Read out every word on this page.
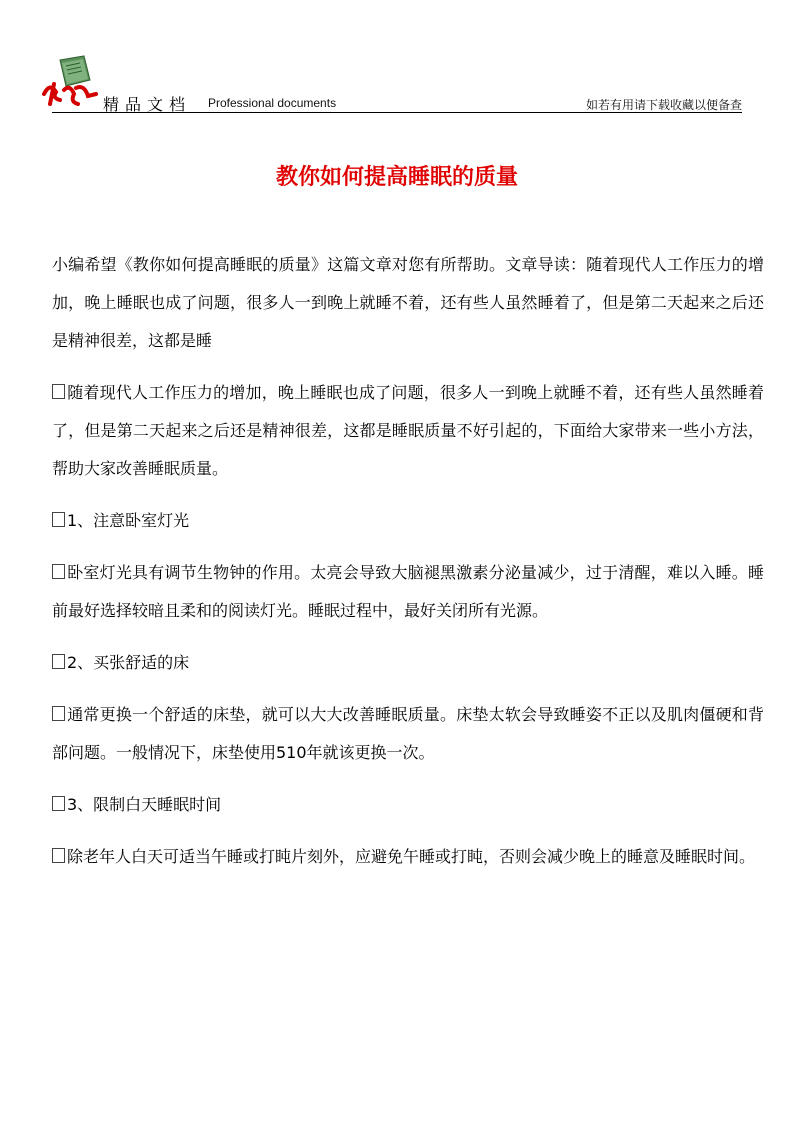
精品文档 Professional documents	如若有用请下载收藏以便备查
教你如何提高睡眠的质量

小编希望《教你如何提高睡眠的质量》这篇文章对您有所帮助。文章导读：随着现代人工作压力的增加，晚上睡眠也成了问题，很多人一到晚上就睡不着，还有些人虽然睡着了，但是第二天起来之后还是精神很差，这都是睡

随着现代人工作压力的增加，晚上睡眠也成了问题，很多人一到晚上就睡不着，还有些人虽然睡着了，但是第二天起来之后还是精神很差，这都是睡眠质量不好引起的，下面给大家带来一些小方法，帮助大家改善睡眠质量。

1、注意卧室灯光

卧室灯光具有调节生物钟的作用。太亮会导致大脑褪黑激素分泌量减少，过于清醒，难以入睡。睡前最好选择较暗且柔和的阅读灯光。睡眠过程中，最好关闭所有光源。

2、买张舒适的床

通常更换一个舒适的床垫，就可以大大改善睡眠质量。床垫太软会导致睡姿不正以及肌肉僵硬和背部问题。一般情况下，床垫使用510年就该更换一次。

3、限制白天睡眠时间

除老年人白天可适当午睡或打盹片刻外，应避免午睡或打盹，否则会减少晚上的睡意及睡眠时间。
